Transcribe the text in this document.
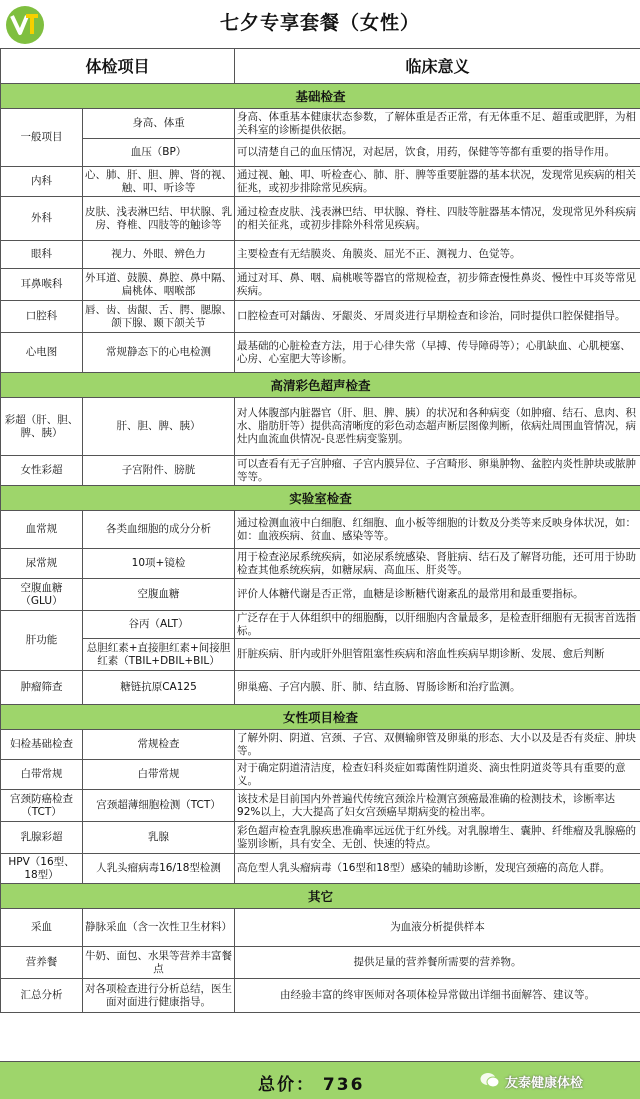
七夕专享套餐（女性）
体检项目		临床意义
基础检查		
一般项目	身高、体重	身高、体重基本健康状态参数，了解体重是否正常，有无体重不足、超重或肥胖，为相关科室的诊断提供依据。
	血压（BP）	可以清楚自己的血压情况，对起居，饮食，用药，保健等等都有重要的指导作用。
内科	心、肺、肝、胆、脾、肾的视、触、叩、听诊等	通过视、触、叩、听检查心、肺、肝、脾等重要脏器的基本状况，发现常见疾病的相关征兆，或初步排除常见疾病。
外科	皮肤、浅表淋巴结、甲状腺、乳房、脊椎、四肢等的触诊等	通过检查皮肤、浅表淋巴结、甲状腺、脊柱、四肢等脏器基本情况，发现常见外科疾病的相关征兆，或初步排除外科常见疾病。
眼科	视力、外眼、辨色力	主要检查有无结膜炎、角膜炎、屈光不正、测视力、色觉等。
耳鼻喉科	外耳道、鼓膜、鼻腔、鼻中隔、扁桃体、咽喉部	通过对耳、鼻、咽、扁桃喉等器官的常规检查，初步筛查慢性鼻炎、慢性中耳炎等常见疾病。
口腔科	唇、齿、齿龈、舌、腭、腮腺、颌下腺、颞下颌关节	口腔检查可对龋齿、牙龈炎、牙周炎进行早期检查和诊治，同时提供口腔保健指导。
心电图	常规静态下的心电检测	最基础的心脏检查方法，用于心律失常（早搏、传导障碍等）；心肌缺血、心肌梗塞、心房、心室肥大等诊断。
高清彩色超声检查		
彩超（肝、胆、脾、胰）	肝、胆、脾、胰）	对人体腹部内脏器官（肝、胆、脾、胰）的状况和各种病变（如肿瘤、结石、息肉、积水、脂肪肝等）提供高清晰度的彩色动态超声断层图像判断，依病灶周围血管情况，病灶内血流血供情况-良恶性病变鉴别。
女性彩超	子宫附件、膀胱	可以查看有无子宫肿瘤、子宫内膜异位、子宫畸形、卵巢肿物、盆腔内炎性肿块或脓肿等等。
实验室检查		
血常规	各类血细胞的成分分析	通过检测血液中白细胞、红细胞、血小板等细胞的计数及分类等来反映身体状况，如：如：血液疾病、贫血、感染等等。
尿常规	10项+镜检	用于检查泌尿系统疾病，如泌尿系统感染、肾脏病、结石及了解肾功能，还可用于协助检查其他系统疾病，如糖尿病、高血压、肝炎等。
空腹血糖（GLU）	空腹血糖	评价人体糖代谢是否正常，血糖是诊断糖代谢紊乱的最常用和最重要指标。
肝功能	谷丙（ALT）	广泛存在于人体组织中的细胞酶，以肝细胞内含量最多，是检查肝细胞有无损害首选指标。
	总胆红素+直接胆红素+间接胆红素（TBIL+DBIL+BIL）	肝脏疾病、肝内或肝外胆管阻塞性疾病和溶血性疾病早期诊断、发展、愈后判断
肿瘤筛查	糖链抗原CA125	卵巢癌、子宫内膜、肝、肺、结直肠、胃肠诊断和治疗监测。
女性项目检查		
妇检基础检查	常规检查	了解外阴、阴道、宫颈、子宫、双侧输卵管及卵巢的形态、大小以及是否有炎症、肿块等。
白带常规	白带常规	对于确定阴道清洁度，检查妇科炎症如霉菌性阴道炎、滴虫性阴道炎等具有重要的意义。
宫颈防癌检查（TCT）	宫颈超薄细胞检测（TCT）	该技术是目前国内外普遍代传统宫颈涂片检测宫颈癌最准确的检测技术，诊断率达92%以上，大大提高了妇女宫颈癌早期病变的检出率。
乳腺彩超	乳腺	彩色超声检查乳腺疾患准确率远远优于红外线。对乳腺增生、囊肿、纤维瘤及乳腺癌的鉴别诊断，具有安全、无创、快速的特点。
HPV（16型、18型）	人乳头瘤病毒16/18型检测	高危型人乳头瘤病毒（16型和18型）感染的辅助诊断，发现宫颈癌的高危人群。
其它		
采血	静脉采血（含一次性卫生材料）	为血液分析提供样本
营养餐	牛奶、面包、水果等营养丰富餐点	提供足量的营养餐所需要的营养物。
汇总分析	对各项检查进行分析总结，医生面对面进行健康指导。	由经验丰富的终审医师对各项体检异常做出详细书面解答、建议等。
总价： 736	友泰健康体检
